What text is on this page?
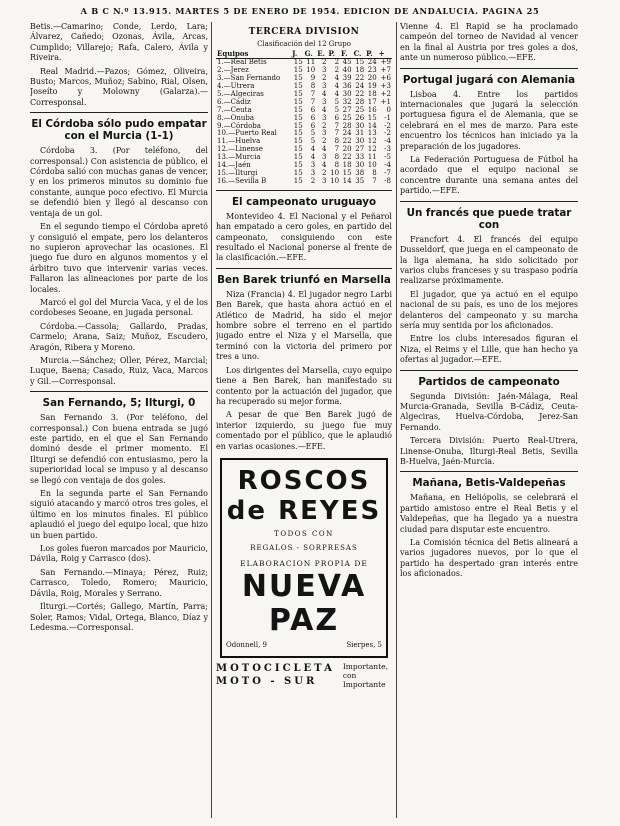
A B C N.º 13.915. MARTES 5 DE ENERO DE 1954. EDICION DE ANDALUCIA. PAGINA 25

Betis.—Camarino; Conde, Lerdo, Lara; Álvarez, Cañedo; Ozonas, Ávila, Arcas, Cumplido; Villarejo; Rafa, Calero, Ávila y Riveira.

Real Madrid.—Pazos; Gómez, Oliveira, Busto; Marcos, Muñoz; Sabino, Rial, Olsen, Joseíto y Molowny (Galarza).—Corresponsal.

El Córdoba sólo pudo empatar con el Murcia (1-1)

Córdoba 3. (Por teléfono, del corresponsal.) Con asistencia de público, el Córdoba salió con muchas ganas de vencer, y en los primeros minutos su dominio fue constante, aunque poco efectivo. El Murcia se defendió bien y llegó al descanso con ventaja de un gol.

En el segundo tiempo el Córdoba apretó y consiguió el empate, pero los delanteros no supieron aprovechar las ocasiones. El juego fue duro en algunos momentos y el árbitro tuvo que intervenir varias veces. Fallaron las alineaciones por parte de los locales.

Marcó el gol del Murcia Vaca, y el de los cordobeses Seoane, en jugada personal.

Córdoba.—Cassola; Gallardo, Pradas, Carmelo; Arana, Saiz; Muñoz, Escudero, Aragón, Ribera y Moreno.

Murcia.—Sánchez; Oller, Pérez, Marcial; Luque, Baena; Casado, Ruiz, Vaca, Marcos y Gil.—Corresponsal.

San Fernando, 5; Ilturgi, 0

San Fernando 3. (Por teléfono, del corresponsal.) Con buena entrada se jugó este partido, en el que el San Fernando dominó desde el primer momento. El Ilturgi se defendió con entusiasmo, pero la superioridad local se impuso y al descanso se llegó con ventaja de dos goles.

En la segunda parte el San Fernando siguió atacando y marcó otros tres goles, el último en los minutos finales. El público aplaudió el juego del equipo local, que hizo un buen partido.

Los goles fueron marcados por Mauricio, Dávila, Roig y Carrasco (dos).

San Fernando.—Minaya; Pérez, Ruiz; Carrasco, Toledo, Romero; Mauricio, Dávila, Roig, Morales y Serrano.

Ilturgi.—Cortés; Gallego, Martín, Parra; Soler, Ramos; Vidal, Ortega, Blanco, Díaz y Ledesma.—Corresponsal.

TERCERA DIVISION
Clasificación del 12 Grupo
Equipos	J.	G.	E.	P.	F.	C.	P.	+
1.—Real Betis	15	11	2	2	45	15	24	+9
2.—Jerez	15	10	3	2	40	18	23	+7
3.—San Fernando	15	9	2	4	39	22	20	+6
4.—Utrera	15	8	3	4	36	24	19	+3
5.—Algeciras	15	7	4	4	30	22	18	+2
6.—Cádiz	15	7	3	5	32	28	17	+1
7.—Ceuta	15	6	4	5	27	25	16	0
8.—Onuba	15	6	3	6	25	26	15	-1
9.—Córdoba	15	6	2	7	28	30	14	-2
10.—Puerto Real	15	5	3	7	24	31	13	-2
11.—Huelva	15	5	2	8	22	30	12	-4
12.—Linense	15	4	4	7	20	27	12	-3
13.—Murcia	15	4	3	8	22	33	11	-5
14.—Jaén	15	3	4	8	18	30	10	-4
15.—Ilturgi	15	3	2	10	15	38	8	-7
16.—Sevilla B	15	2	3	10	14	35	7	-8
El campeonato uruguayo

Montevideo 4. El Nacional y el Peñarol han empatado a cero goles, en partido del campeonato, consiguiendo con este resultado el Nacional ponerse al frente de la clasificación.—EFE.

Ben Barek triunfó en Marsella

Niza (Francia) 4. El jugador negro Larbi Ben Barek, que hasta ahora actuó en el Atlético de Madrid, ha sido el mejor hombre sobre el terreno en el partido jugado entre el Niza y el Marsella, que terminó con la victoria del primero por tres a uno.

Los dirigentes del Marsella, cuyo equipo tiene a Ben Barek, han manifestado su contento por la actuación del jugador, que ha recuperado su mejor forma.

A pesar de que Ben Barek jugó de interior izquierdo, su juego fue muy comentado por el público, que le aplaudió en varias ocasiones.—EFE.

ROSCOS
de REYES
TODOS CON
REGALOS - SORPRESAS
ELABORACION PROPIA DE
NUEVA PAZ
Odonnell, 9	Sierpes, 5
MOTOCICLETA
MOTO - SUR
Importante, con
Importante

Vienne 4. El Rapid se ha proclamado campeón del torneo de Navidad al vencer en la final al Austria por tres goles a dos, ante un numeroso público.—EFE.

Portugal jugará con Alemania

Lisboa 4. Entre los partidos internacionales que jugará la selección portuguesa figura el de Alemania, que se celebrará en el mes de marzo. Para este encuentro los técnicos han iniciado ya la preparación de los jugadores.

La Federación Portuguesa de Fútbol ha acordado que el equipo nacional se concentre durante una semana antes del partido.—EFE.

Un francés que puede tratar con

Francfort 4. El francés del equipo Dusseldorf, que juega en el campeonato de la liga alemana, ha sido solicitado por varios clubs franceses y su traspaso podría realizarse próximamente.

El jugador, que ya actuó en el equipo nacional de su país, es uno de los mejores delanteros del campeonato y su marcha sería muy sentida por los aficionados.

Entre los clubs interesados figuran el Niza, el Reims y el Lille, que han hecho ya ofertas al jugador.—EFE.

Partidos de campeonato

Segunda División: Jaén-Málaga, Real Murcia-Granada, Sevilla B-Cádiz, Ceuta-Algeciras, Huelva-Córdoba, Jerez-San Fernando.

Tercera División: Puerto Real-Utrera, Linense-Onuba, Ilturgi-Real Betis, Sevilla B-Huelva, Jaén-Murcia.

Mañana, Betis-Valdepeñas

Mañana, en Heliópolis, se celebrará el partido amistoso entre el Real Betis y el Valdepeñas, que ha llegado ya a nuestra ciudad para disputar este encuentro.

La Comisión técnica del Betis alineará a varios jugadores nuevos, por lo que el partido ha despertado gran interés entre los aficionados.
